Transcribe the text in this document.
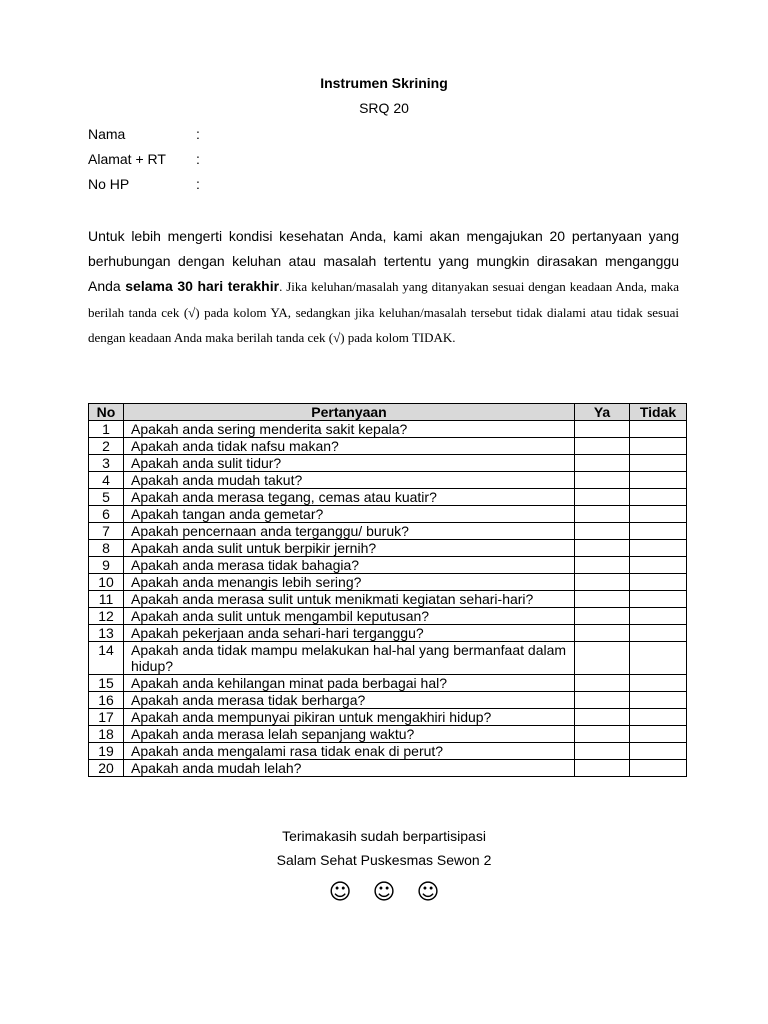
Instrumen Skrining
SRQ 20
Nama	:
Alamat + RT	:
No HP	:
Untuk lebih mengerti kondisi kesehatan Anda, kami akan mengajukan 20 pertanyaan yang berhubungan dengan keluhan atau masalah tertentu yang mungkin dirasakan menganggu Anda selama 30 hari terakhir. Jika keluhan/masalah yang ditanyakan sesuai dengan keadaan Anda, maka berilah tanda cek (√) pada kolom YA, sedangkan jika keluhan/masalah tersebut tidak dialami atau tidak sesuai dengan keadaan Anda maka berilah tanda cek (√) pada kolom TIDAK.
No	Pertanyaan	Ya	Tidak
1	Apakah anda sering menderita sakit kepala?		
2	Apakah anda tidak nafsu makan?		
3	Apakah anda sulit tidur?		
4	Apakah anda mudah takut?		
5	Apakah anda merasa tegang, cemas atau kuatir?		
6	Apakah tangan anda gemetar?		
7	Apakah pencernaan anda terganggu/ buruk?		
8	Apakah anda sulit untuk berpikir jernih?		
9	Apakah anda merasa tidak bahagia?		
10	Apakah anda menangis lebih sering?		
11	Apakah anda merasa sulit untuk menikmati kegiatan sehari-hari?		
12	Apakah anda sulit untuk mengambil keputusan?		
13	Apakah pekerjaan anda sehari-hari terganggu?		
14	Apakah anda tidak mampu melakukan hal-hal yang bermanfaat dalam hidup?		
15	Apakah anda kehilangan minat pada berbagai hal?		
16	Apakah anda merasa tidak berharga?		
17	Apakah anda mempunyai pikiran untuk mengakhiri hidup?		
18	Apakah anda merasa lelah sepanjang waktu?		
19	Apakah anda mengalami rasa tidak enak di perut?		
20	Apakah anda mudah lelah?		
Terimakasih sudah berpartisipasi
Salam Sehat Puskesmas Sewon 2
☺ ☺ ☺
